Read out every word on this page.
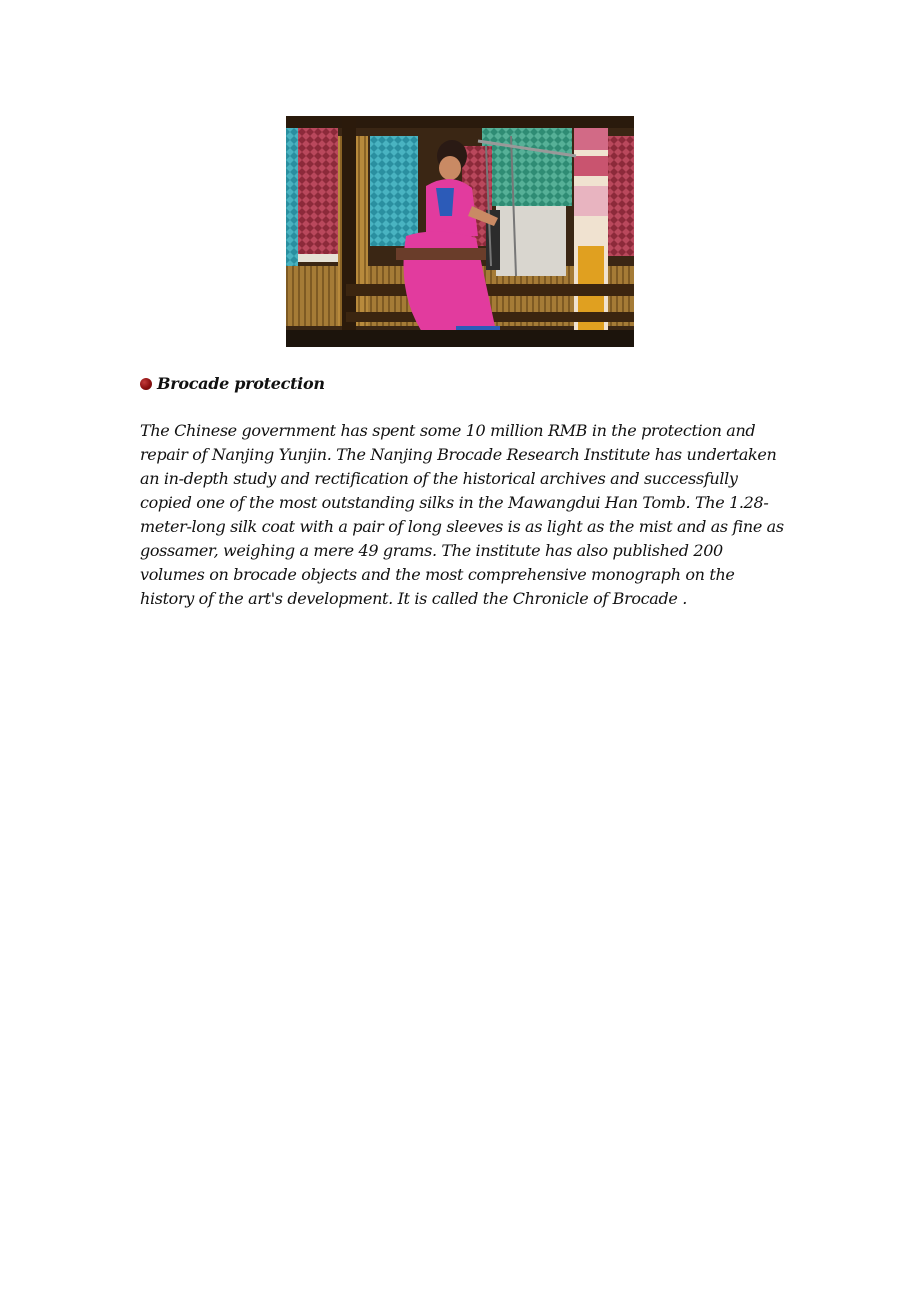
Brocade protection

The Chinese government has spent some 10 million RMB in the protection and repair of Nanjing Yunjin. The Nanjing Brocade Research Institute has undertaken an in-depth study and rectification of the historical archives and successfully copied one of the most outstanding silks in the Mawangdui Han Tomb. The 1.28-meter-long silk coat with a pair of long sleeves is as light as the mist and as fine as gossamer, weighing a mere 49 grams. The institute has also published 200 volumes on brocade objects and the most comprehensive monograph on the history of the art's development. It is called the Chronicle of Brocade .
